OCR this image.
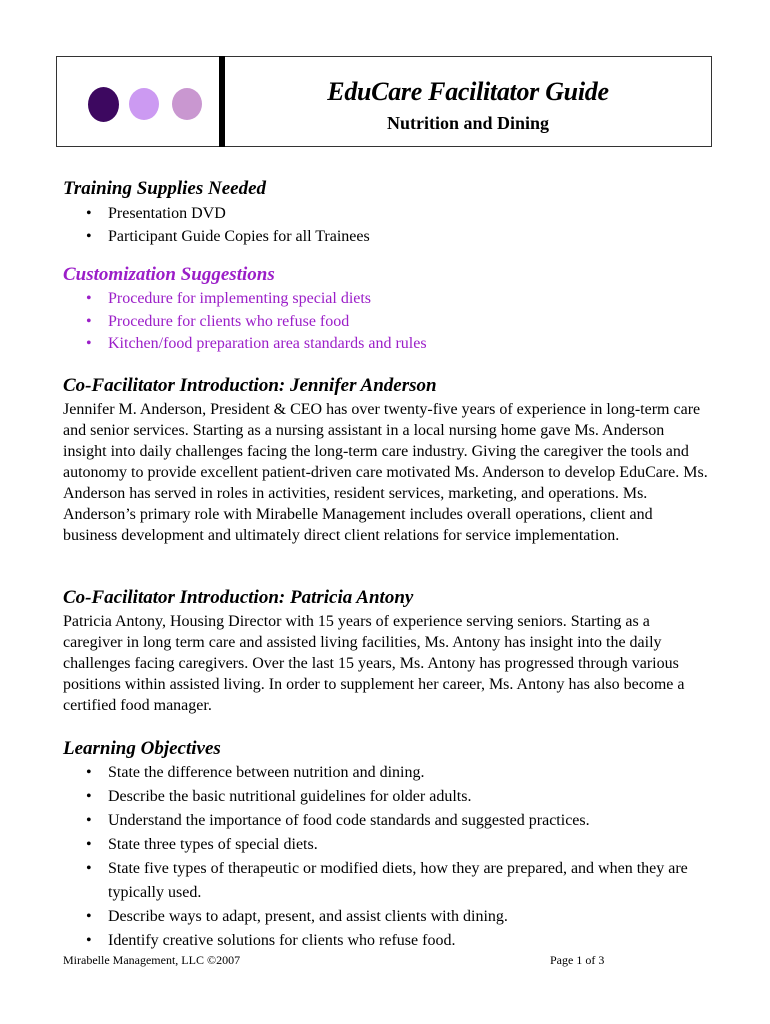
EduCare Facilitator Guide
Nutrition and Dining
Training Supplies Needed
• Presentation DVD
• Participant Guide Copies for all Trainees
Customization Suggestions
• Procedure for implementing special diets
• Procedure for clients who refuse food
• Kitchen/food preparation area standards and rules
Co-Facilitator Introduction: Jennifer Anderson

Jennifer M. Anderson, President & CEO has over twenty-five years of experience in long-term care and senior services. Starting as a nursing assistant in a local nursing home gave Ms. Anderson insight into daily challenges facing the long-term care industry. Giving the caregiver the tools and autonomy to provide excellent patient-driven care motivated Ms. Anderson to develop EduCare. Ms. Anderson has served in roles in activities, resident services, marketing, and operations. Ms. Anderson’s primary role with Mirabelle Management includes overall operations, client and business development and ultimately direct client relations for service implementation.

Co-Facilitator Introduction: Patricia Antony

Patricia Antony, Housing Director with 15 years of experience serving seniors. Starting as a caregiver in long term care and assisted living facilities, Ms. Antony has insight into the daily challenges facing caregivers. Over the last 15 years, Ms. Antony has progressed through various positions within assisted living. In order to supplement her career, Ms. Antony has also become a certified food manager.

Learning Objectives
• State the difference between nutrition and dining.
• Describe the basic nutritional guidelines for older adults.
• Understand the importance of food code standards and suggested practices.
• State three types of special diets.
• State five types of therapeutic or modified diets, how they are prepared, and when they are typically used.
• Describe ways to adapt, present, and assist clients with dining.
• Identify creative solutions for clients who refuse food.
Mirabelle Management, LLC ©2007	Page 1 of 3
